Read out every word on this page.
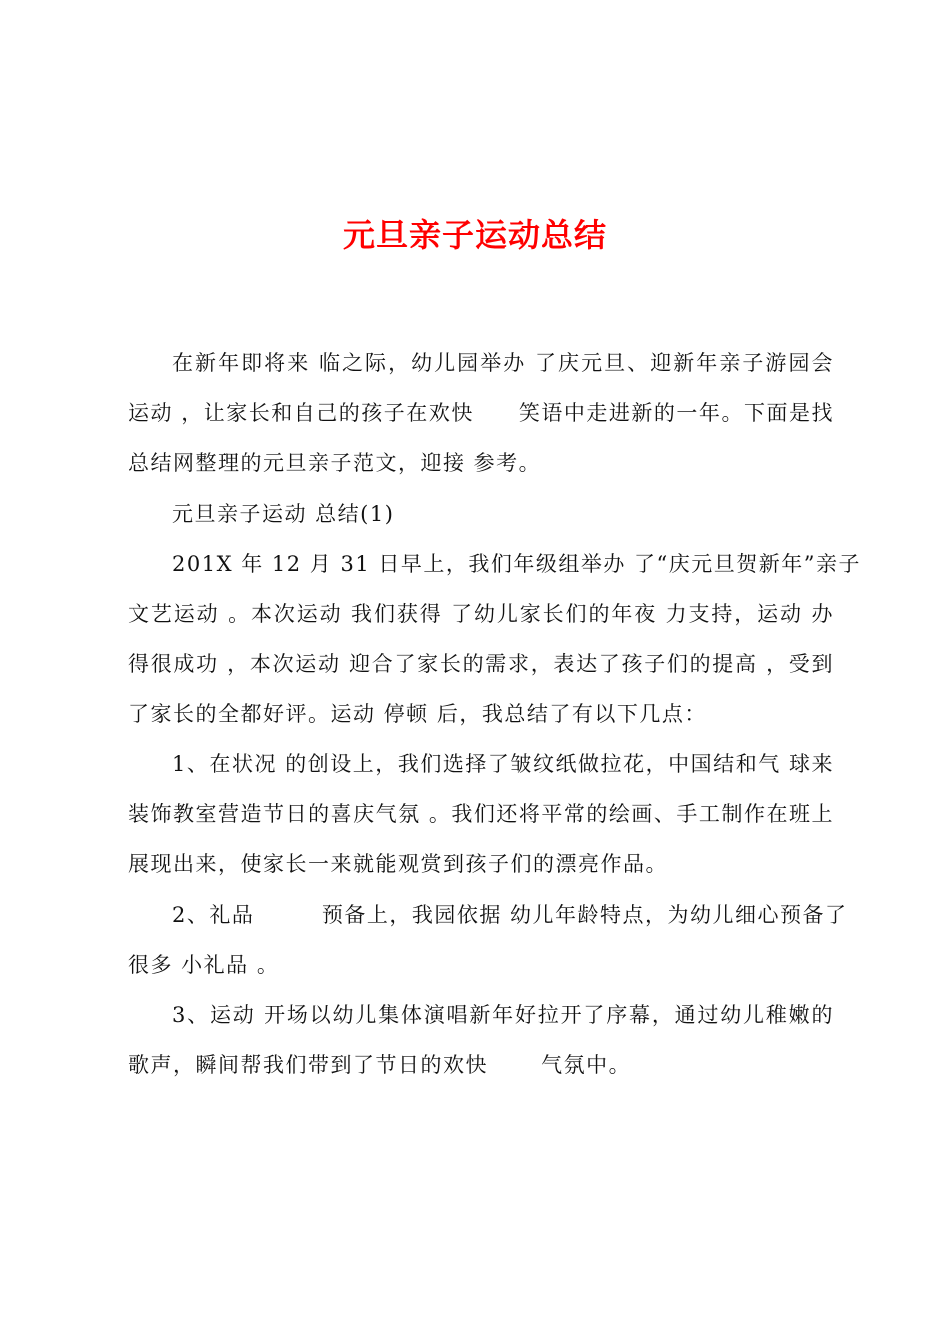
元旦亲子运动总结
在新年即将来 临之际，幼儿园举办 了庆元旦、迎新年亲子游园会
运动 ，让家长和自己的孩子在欢快　　笑语中走进新的一年。下面是找
总结网整理的元旦亲子范文，迎接 参考。
元旦亲子运动 总结(1)
201X 年 12 月 31 日早上，我们年级组举办 了“庆元旦贺新年”亲子
文艺运动 。本次运动 我们获得 了幼儿家长们的年夜 力支持，运动 办
得很成功 ，本次运动 迎合了家长的需求，表达了孩子们的提高 ，受到
了家长的全都好评。运动 停顿 后，我总结了有以下几点：
1、在状况 的创设上，我们选择了皱纹纸做拉花，中国结和气 球来
装饰教室营造节日的喜庆气氛 。我们还将平常的绘画、手工制作在班上
展现出来，使家长一来就能观赏到孩子们的漂亮作品。
2、礼品　　　预备上，我园依据 幼儿年龄特点，为幼儿细心预备了
很多 小礼品 。
3、运动 开场以幼儿集体演唱新年好拉开了序幕，通过幼儿稚嫩的
歌声，瞬间帮我们带到了节日的欢快　　 气氛中。
